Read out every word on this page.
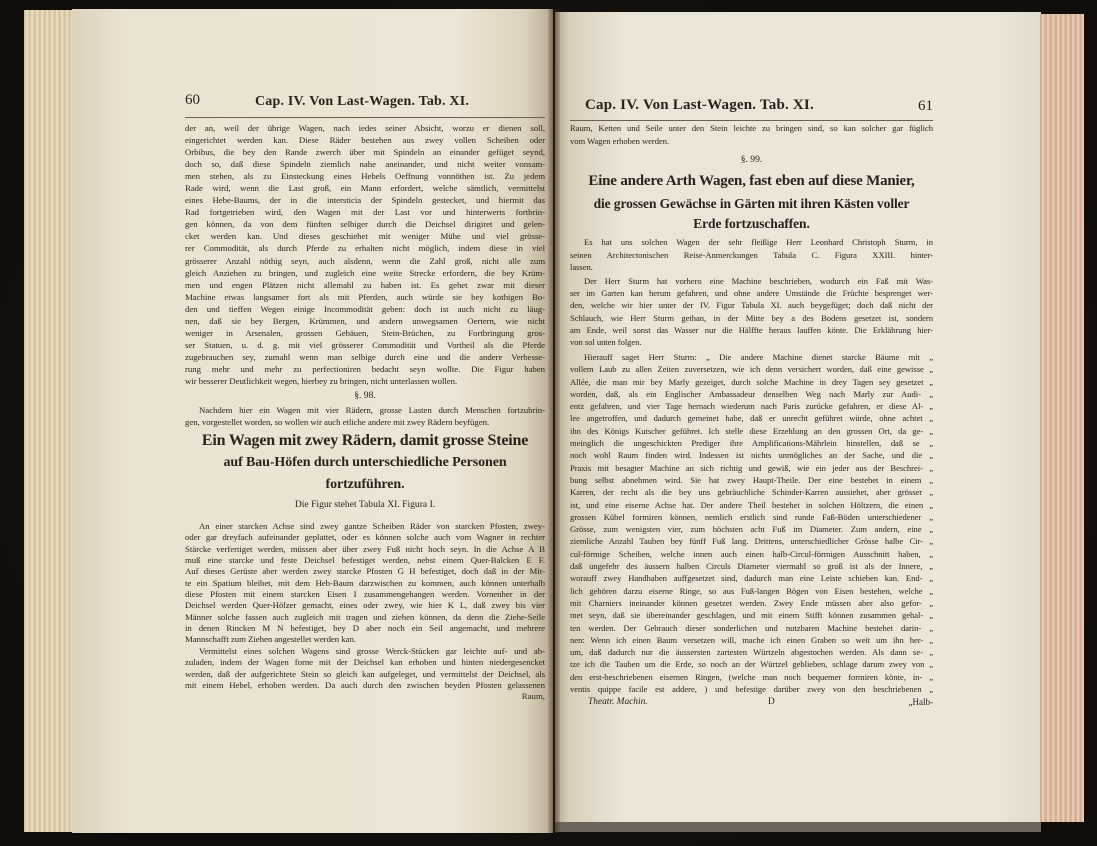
60	Cap. IV. Von Last-Wagen. Tab. XI.
der an, weil der übrige Wagen, nach iedes seiner Absicht, worzu er dienen soll,
eingerichtet werden kan. Diese Räder bestehen aus zwey vollen Scheiben oder
Orbibus, die bey den Rande zwerch über mit Spindeln an einander gefüget seynd,
doch so, daß diese Spindeln ziemlich nahe aneinander, und nicht weiter vonsam-
men stehen, als zu Einsteckung eines Hebels Oeffnung vonnöthen ist. Zu jedem
Rade wird, wenn die Last groß, ein Mann erfordert, welche sämtlich, vermittelst
eines Hebe-Baums, der in die intersticia der Spindeln gestecket, und hiermit das
Rad fortgetrieben wird, den Wagen mit der Last vor und hinterwerts fortbrin-
gen können, da von dem fünften selbiger durch die Deichsel dirigiret und gelen-
cket werden kan. Und dieses geschiehet mit weniger Mühe und viel grösse-
rer Commodität, als durch Pferde zu erhalten nicht möglich, indem diese in viel
grösserer Anzahl nöthig seyn, auch alsdenn, wenn die Zahl groß, nicht alle zum
gleich Anziehen zu bringen, und zugleich eine weite Strecke erfordern, die bey Krüm-
men und engen Plätzen nicht allemahl zu haben ist. Es gehet zwar mit dieser
Machine etwas langsamer fort als mit Pferden, auch würde sie bey kothigen Bo-
den und tieffen Wegen einige Incommodität geben: doch ist auch nicht zu läug-
nen, daß sie bey Bergen, Krümmen, und andern unwegsamen Oertern, wie nicht
weniger in Arsenalen, grossen Gebäuen, Stein-Brüchen, zu Fortbringung gros-
ser Statuen, u. d. g. mit viel grösserer Commodität und Vortheil als die Pferde
zugebrauchen sey, zumahl wenn man selbige durch eine und die andere Verbesse-
rung mehr und mehr zu perfectioniren bedacht seyn wollte. Die Figur haben
wir besserer Deutlichkeit wegen, hierbey zu bringen, nicht unterlassen wollen.
§. 98.
Nachdem hier ein Wagen mit vier Rädern, grosse Lasten durch Menschen fortzubrin-
gen, vorgestellet worden, so wollen wir auch etliche andere mit zwey Rädern beyfügen.
Ein Wagen mit zwey Rädern, damit grosse Steine
auf Bau-Höfen durch unterschiedliche Personen
fortzuführen.
Die Figur stehet Tabula XI. Figura I.
An einer starcken Achse sind zwey gantze Scheiben Räder von starcken Pfosten, zwey-
oder gar dreyfach aufeinander geplattet, oder es können solche auch vom Wagner in rechter
Stärcke verfertiget werden, müssen aber über zwey Fuß nicht hoch seyn. In die Achse A B
muß eine starcke und feste Deichsel befestiget werden, nebst einem Quer-Balcken E F.
Auf dieses Gerüste aber werden zwey starcke Pfosten G H befestiget, doch daß in der Mit-
te ein Spatium bleibet, mit dem Heb-Baum darzwischen zu kommen, auch können unterhalb
diese Pfosten mit einem starcken Eisen I zusammengehangen werden. Vornenher in der
Deichsel werden Quer-Hölzer gemacht, eines oder zwey, wie hier K L, daß zwey bis vier
Männer solche fassen auch zugleich mit tragen und ziehen können, da denn die Ziehe-Seile
in denen Rincken M N befestiget, bey D aber noch ein Seil angemacht, und mehrere
Mannschafft zum Ziehen angestellet werden kan.
Vermittelst eines solchen Wagens sind grosse Werck-Stücken gar leichte auf- und ab-
zuladen, indem der Wagen forne mit der Deichsel kan erhoben und hinten niedergesencket
werden, daß der aufgerichtete Stein so gleich kan aufgeleget, und vermittelst der Deichsel, als
mit einem Hebel, erhoben werden. Da auch durch den zwischen beyden Pfosten gelassenen
Raum,
Cap. IV. Von Last-Wagen. Tab. XI.	61
Raum, Ketten und Seile unter den Stein leichte zu bringen sind, so kan solcher gar füglich
vom Wagen erhoben werden.
§. 99.
Eine andere Arth Wagen, fast eben auf diese Manier,
die grossen Gewächse in Gärten mit ihren Kästen voller
Erde fortzuschaffen.
Es hat uns solchen Wagen der sehr fleißige Herr Leonhard Christoph Sturm, in
seinen Architectonischen Reise-Anmerckungen Tabula C. Figura XXIII. hinter-
lassen.
Der Herr Sturm hat vorhero eine Machine beschrieben, wodurch ein Faß mit Was-
ser im Garten kan herum gefahren, und ohne andere Umstände die Früchte besprenget wer-
den, welche wir hier unter der IV. Figur Tabula XI. auch beygefüget; doch daß nicht der
Schlauch, wie Herr Sturm gethan, in der Mitte bey a des Bodens gesetzet ist, sondern
am Ende, weil sonst das Wasser nur die Hälffte heraus lauffen könte. Die Erklährung hier-
von sol unten folgen.
Hierauff saget Herr Sturm: „ Die andere Machine dienet starcke Bäume mit „
vollem Laub zu allen Zeiten zuversetzen, wie ich denn versichert worden, daß eine gewisse „
Allée, die man mir bey Marly gezeiget, durch solche Machine in drey Tagen sey gesetzet „
worden, daß, als ein Englischer Ambassadeur denselben Weg nach Marly zur Audi- „
entz gefahren, und vier Tage hernach wiederum nach Paris zurücke gefahren, er diese Al- „
lee angetroffen, und dadurch gemeinet habe, daß er unrecht geführet würde, ohne achtet „
ihn des Königs Kutscher geführet. Ich stelle diese Erzehlung an den grossen Ort, da ge- „
meinglich die ungeschickten Prediger ihre Amplifications-Mährlein hinstellen, daß se „
noch wohl Raum finden wird. Indessen ist nichts unmögliches an der Sache, und die „
Praxis mit besagter Machine an sich richtig und gewiß, wie ein jeder aus der Beschrei- „
bung selbst abnehmen wird. Sie hat zwey Haupt-Theile. Der eine bestehet in einem „
Karren, der recht als die bey uns gebräuchliche Schinder-Karren aussiehet, aber grösser „
ist, und eine eiserne Achse hat. Der andere Theil bestehet in solchen Höltzern, die einen „
grossen Kübel formiren können, nemlich erstlich sind runde Faß-Böden unterschiedener „
Grösse, zum wenigsten vier, zum höchsten acht Fuß im Diameter. Zum andern, eine „
ziemliche Anzahl Tauben bey fünff Fuß lang. Drittens, unterschiedlicher Grösse halbe Cir- „
cul-förmige Scheiben, welche innen auch einen halb-Circul-förmigen Ausschnitt haben, „
daß ungefehr des äussern halben Circuls Diameter viermahl so groß ist als der Innere, „
worauff zwey Handhaben auffgesetzet sind, dadurch man eine Leiste schieben kan. End- „
lich gehören darzu eiserne Ringe, so aus Fuß-langen Bögen von Eisen bestehen, welche „
mit Charniers ineinander können gesetzet werden. Zwey Ende müssen aber also gefor- „
met seyn, daß sie übereinander geschlagen, und mit einem Stifft können zusammen gehal- „
ten werden. Der Gebrauch dieser sonderlichen und nutzbaren Machine bestehet darin- „
nen: Wenn ich einen Baum versetzen will, mache ich einen Graben so weit um ihn her- „
um, daß dadurch nur die äussersten zartesten Würtzeln abgestochen werden. Als dann se- „
tze ich die Tauben um die Erde, so noch an der Würtzel geblieben, schlage darum zwey von „
den erst-beschriebenen eisernen Ringen, (welche man noch bequemer formiren könte, in- „
ventis quippe facile est addere, ) und befestige darüber zwey von den beschriebenen „
Theatr. Machin.	D	„Halb-
